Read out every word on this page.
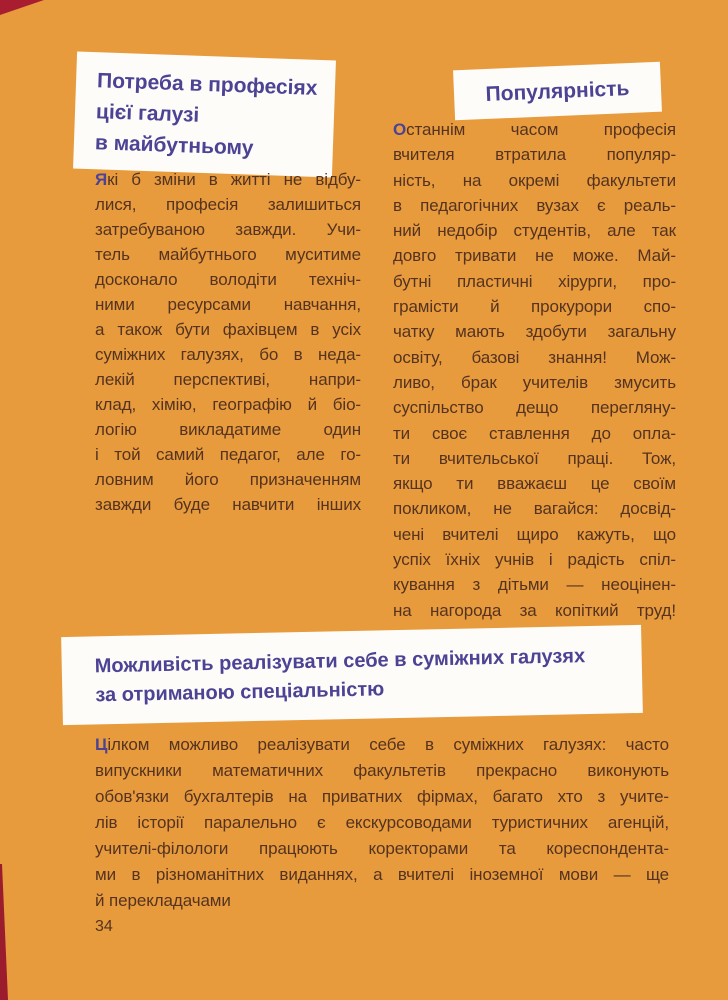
Потреба в професіях
цієї галузі
в майбутньому
Які б зміни в житті не відбу-
лися, професія залишиться
затребуваною завжди. Учи-
тель майбутнього муситиме
досконало володіти техніч-
ними ресурсами навчання,
а також бути фахівцем в усіх
суміжних галузях, бо в неда-
лекій перспективі, напри-
клад, хімію, географію й біо-
логію викладатиме один
і той самий педагог, але го-
ловним його призначенням
завжди буде навчити інших
Популярність
Останнім часом професія
вчителя втратила популяр-
ність, на окремі факультети
в педагогічних вузах є реаль-
ний недобір студентів, але так
довго тривати не може. Май-
бутні пластичні хірурги, про-
грамісти й прокурори спо-
чатку мають здобути загальну
освіту, базові знання! Мож-
ливо, брак учителів змусить
суспільство дещо перегляну-
ти своє ставлення до опла-
ти вчительської праці. Тож,
якщо ти вважаєш це своїм
покликом, не вагайся: досвід-
чені вчителі щиро кажуть, що
успіх їхніх учнів і радість спіл-
кування з дітьми — неоцінен-
на нагорода за копіткий труд!
Можливість реалізувати себе в суміжних галузях
за отриманою спеціальністю
Цілком можливо реалізувати себе в суміжних галузях: часто
випускники математичних факультетів прекрасно виконують
обов'язки бухгалтерів на приватних фірмах, багато хто з учите-
лів історії паралельно є екскурсоводами туристичних агенцій,
учителі-філологи працюють коректорами та кореспондента-
ми в різноманітних виданнях, а вчителі іноземної мови — ще
й перекладачами
34
